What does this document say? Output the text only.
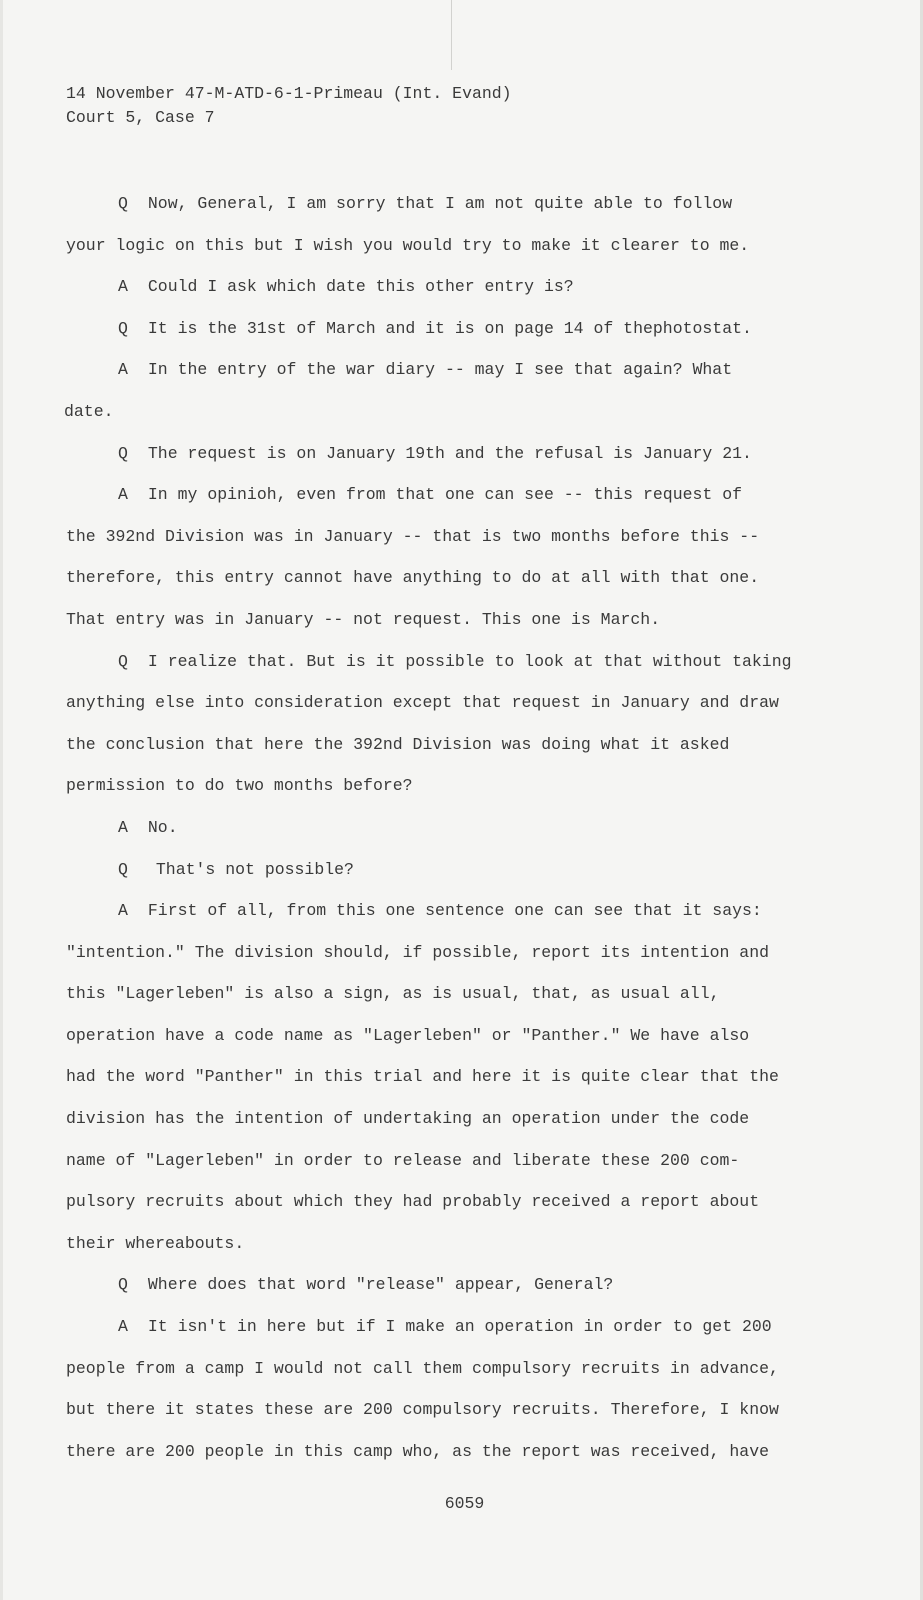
14 November 47-M-ATD-6-1-Primeau (Int. Evand)
Court 5, Case 7
Q Now, General, I am sorry that I am not quite able to follow
your logic on this but I wish you would try to make it clearer to me.
A Could I ask which date this other entry is?
Q It is the 31st of March and it is on page 14 of thephotostat.
A In the entry of the war diary -- may I see that again? What
date.
Q The request is on January 19th and the refusal is January 21.
A In my opinioh, even from that one can see -- this request of
the 392nd Division was in January -- that is two months before this --
therefore, this entry cannot have anything to do at all with that one.
That entry was in January -- not request. This one is March.
Q I realize that. But is it possible to look at that without taking
anything else into consideration except that request in January and draw
the conclusion that here the 392nd Division was doing what it asked
permission to do two months before?
A No.
Q That's not possible?
A First of all, from this one sentence one can see that it says:
"intention." The division should, if possible, report its intention and
this "Lagerleben" is also a sign, as is usual, that, as usual all,
operation have a code name as "Lagerleben" or "Panther." We have also
had the word "Panther" in this trial and here it is quite clear that the
division has the intention of undertaking an operation under the code
name of "Lagerleben" in order to release and liberate these 200 com-
pulsory recruits about which they had probably received a report about
their whereabouts.
Q Where does that word "release" appear, General?
A It isn't in here but if I make an operation in order to get 200
people from a camp I would not call them compulsory recruits in advance,
but there it states these are 200 compulsory recruits. Therefore, I know
there are 200 people in this camp who, as the report was received, have
6059
